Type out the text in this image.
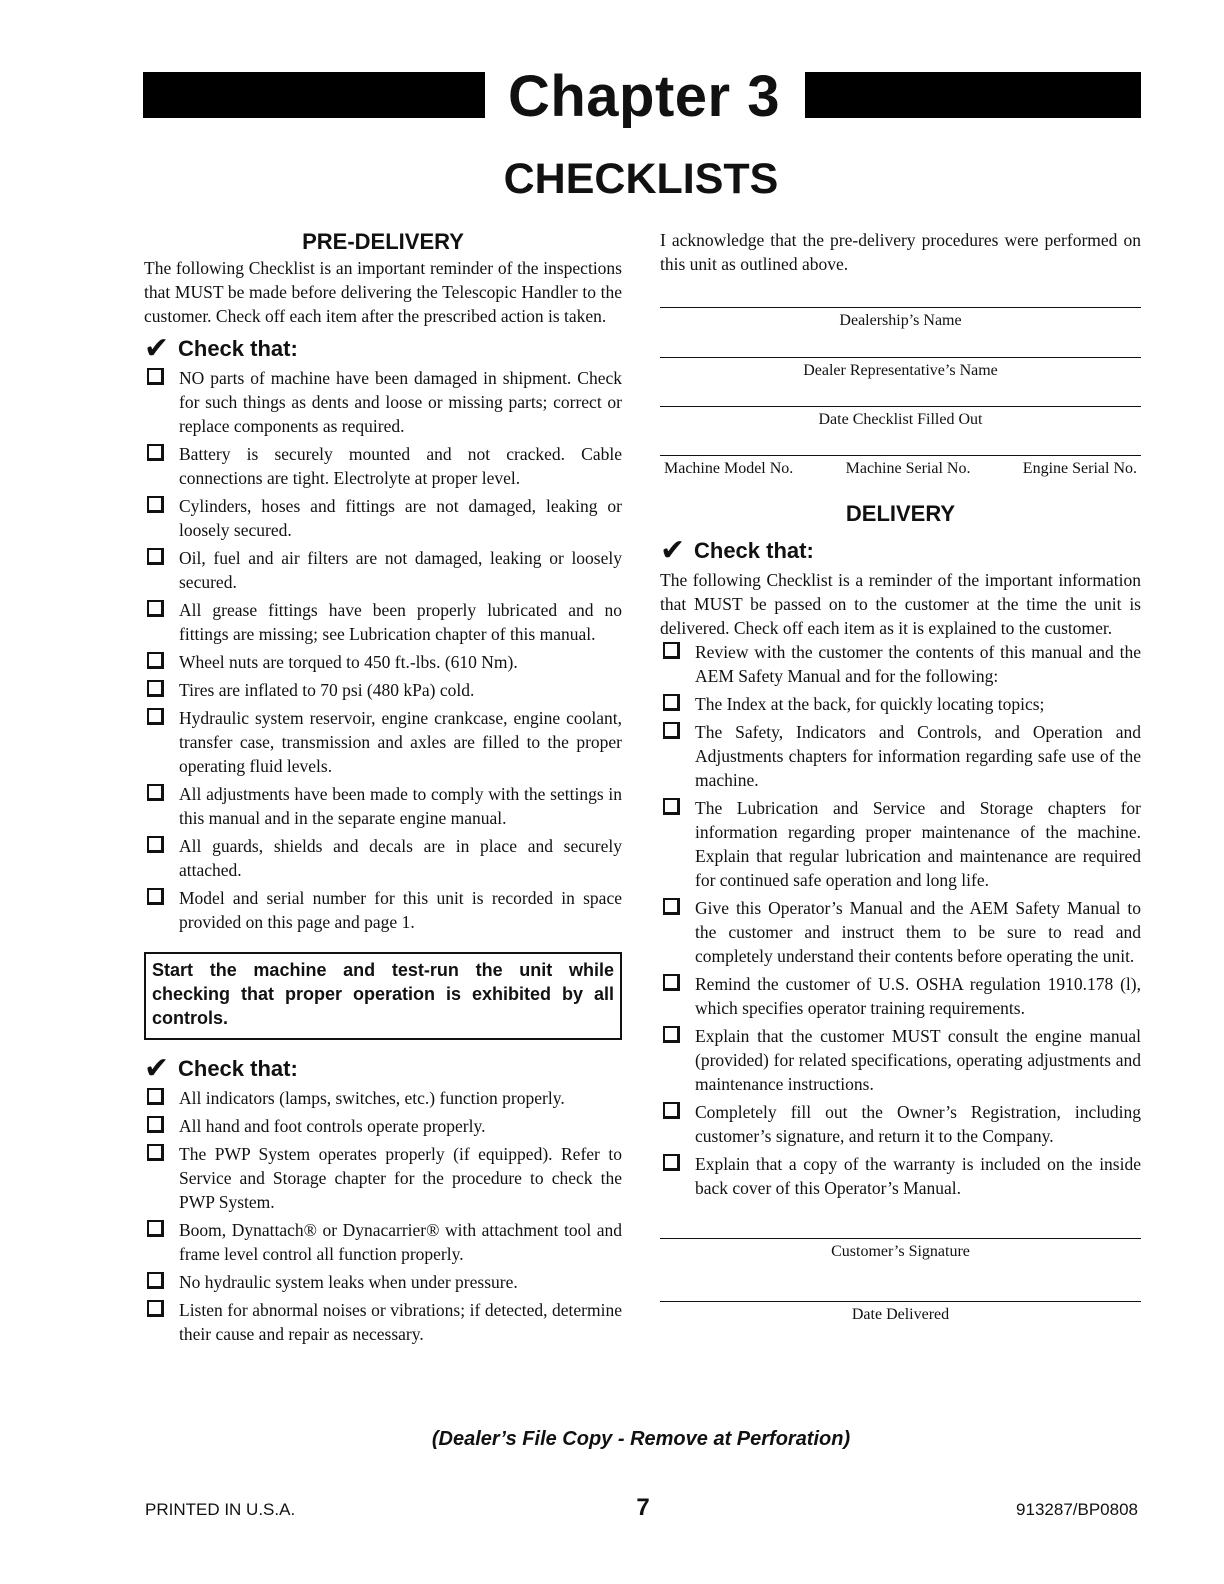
Chapter 3
CHECKLISTS
PRE-DELIVERY

The following Checklist is an important reminder of the inspections that MUST be made before delivering the Telescopic Handler to the customer. Check off each item after the prescribed action is taken.

✔ Check that:
NO parts of machine have been damaged in shipment. Check for such things as dents and loose or missing parts; correct or replace components as required.
Battery is securely mounted and not cracked. Cable connections are tight. Electrolyte at proper level.
Cylinders, hoses and fittings are not damaged, leaking or loosely secured.
Oil, fuel and air filters are not damaged, leaking or loosely secured.
All grease fittings have been properly lubricated and no fittings are missing; see Lubrication chapter of this manual.
Wheel nuts are torqued to 450 ft.-lbs. (610 Nm).
Tires are inflated to 70 psi (480 kPa) cold.
Hydraulic system reservoir, engine crankcase, engine coolant, transfer case, transmission and axles are filled to the proper operating fluid levels.
All adjustments have been made to comply with the settings in this manual and in the separate engine manual.
All guards, shields and decals are in place and securely attached.
Model and serial number for this unit is recorded in space provided on this page and page 1.
Start the machine and test-run the unit while checking that proper operation is exhibited by all controls.
✔ Check that:
All indicators (lamps, switches, etc.) function properly.
All hand and foot controls operate properly.
The PWP System operates properly (if equipped). Refer to Service and Storage chapter for the procedure to check the PWP System.
Boom, Dynattach® or Dynacarrier® with attachment tool and frame level control all function properly.
No hydraulic system leaks when under pressure.
Listen for abnormal noises or vibrations; if detected, determine their cause and repair as necessary.

I acknowledge that the pre-delivery procedures were performed on this unit as outlined above.

Dealership’s Name
Dealer Representative’s Name
Date Checklist Filled Out
Machine Model No.	Machine Serial No.	Engine Serial No.
DELIVERY
✔ Check that:

The following Checklist is a reminder of the important information that MUST be passed on to the customer at the time the unit is delivered. Check off each item as it is explained to the customer.

Review with the customer the contents of this manual and the AEM Safety Manual and for the following:
The Index at the back, for quickly locating topics;
The Safety, Indicators and Controls, and Operation and Adjustments chapters for information regarding safe use of the machine.
The Lubrication and Service and Storage chapters for information regarding proper maintenance of the machine. Explain that regular lubrication and maintenance are required for continued safe operation and long life.
Give this Operator’s Manual and the AEM Safety Manual to the customer and instruct them to be sure to read and completely understand their contents before operating the unit.
Remind the customer of U.S. OSHA regulation 1910.178 (l), which specifies operator training requirements.
Explain that the customer MUST consult the engine manual (provided) for related specifications, operating adjustments and maintenance instructions.
Completely fill out the Owner’s Registration, including customer’s signature, and return it to the Company.
Explain that a copy of the warranty is included on the inside back cover of this Operator’s Manual.
Customer’s Signature
Date Delivered
(Dealer’s File Copy - Remove at Perforation)
PRINTED IN U.S.A.	7	913287/BP0808
